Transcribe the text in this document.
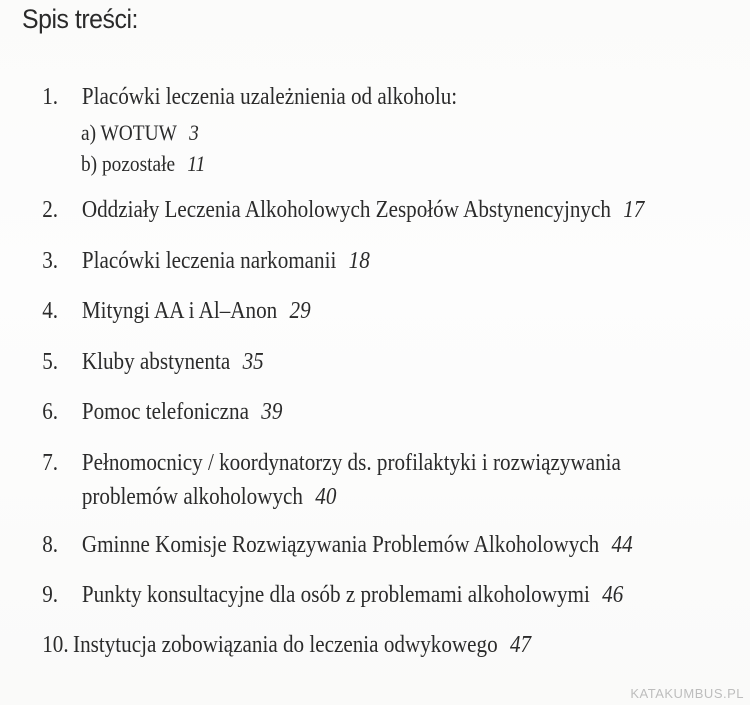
Spis treści:
1. Placówki leczenia uzależnienia od alkoholu:
a) WOTUW 3
b) pozostałe 11
2. Oddziały Leczenia Alkoholowych Zespołów Abstynencyjnych 17
3. Placówki leczenia narkomanii 18
4. Mityngi AA i Al–Anon 29
5. Kluby abstynenta 35
6. Pomoc telefoniczna 39
7. Pełnomocnicy / koordynatorzy ds. profilaktyki i rozwiązywania
problemów alkoholowych 40
8. Gminne Komisje Rozwiązywania Problemów Alkoholowych 44
9. Punkty konsultacyjne dla osób z problemami alkoholowymi 46
10. Instytucja zobowiązania do leczenia odwykowego 47
KATAKUMBUS.PL
